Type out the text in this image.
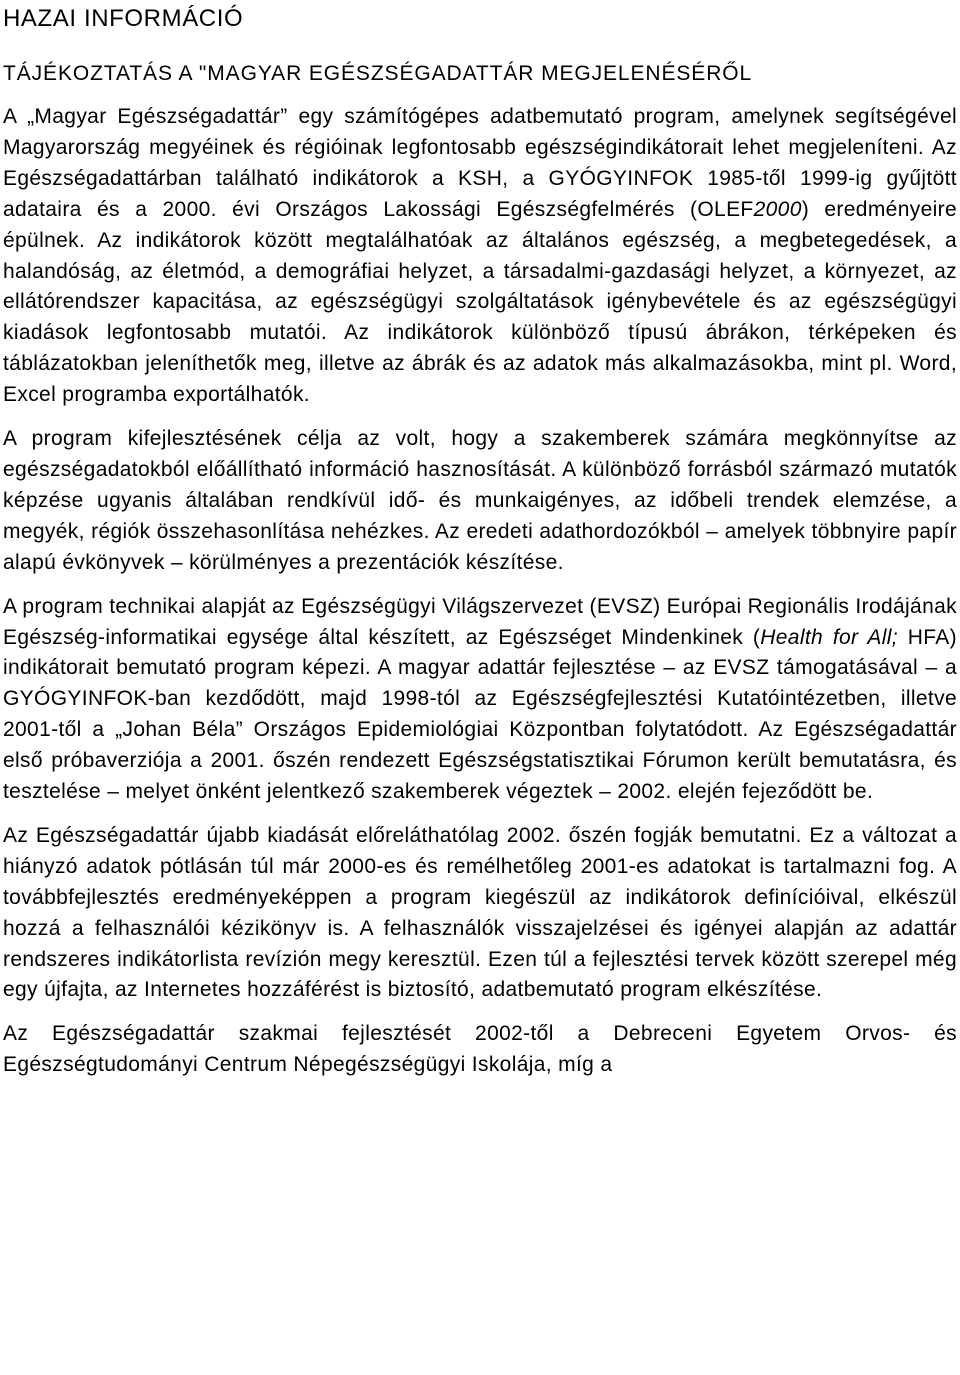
HAZAI INFORMÁCIÓ
TÁJÉKOZTATÁS A "MAGYAR EGÉSZSÉGADATTÁR MEGJELENÉSÉRŐL

A „Magyar Egészségadattár” egy számítógépes adatbemutató program, amelynek segítségével Magyarország megyéinek és régióinak legfontosabb egészségindikátorait lehet megjeleníteni. Az Egészségadattárban található indikátorok a KSH, a GYÓGYINFOK 1985-től 1999-ig gyűjtött adataira és a 2000. évi Országos Lakossági Egészségfelmérés (OLEF2000) eredményeire épülnek. Az indikátorok között megtalálhatóak az általános egészség, a megbetegedések, a halandóság, az életmód, a demográfiai helyzet, a társadalmi-gazdasági helyzet, a környezet, az ellátórendszer kapacitása, az egészségügyi szolgáltatások igénybevétele és az egészségügyi kiadások legfontosabb mutatói. Az indikátorok különböző típusú ábrákon, térképeken és táblázatokban jeleníthetők meg, illetve az ábrák és az adatok más alkalmazásokba, mint pl. Word, Excel programba exportálhatók.

A program kifejlesztésének célja az volt, hogy a szakemberek számára megkönnyítse az egészségadatokból előállítható információ hasznosítását. A különböző forrásból származó mutatók képzése ugyanis általában rendkívül idő- és munkaigényes, az időbeli trendek elemzése, a megyék, régiók összehasonlítása nehézkes. Az eredeti adathordozókból – amelyek többnyire papír alapú évkönyvek – körülményes a prezentációk készítése.

A program technikai alapját az Egészségügyi Világszervezet (EVSZ) Európai Regionális Irodájának Egészség-informatikai egysége által készített, az Egészséget Mindenkinek (Health for All; HFA) indikátorait bemutató program képezi. A magyar adattár fejlesztése – az EVSZ támogatásával – a GYÓGYINFOK-ban kezdődött, majd 1998-tól az Egészségfejlesztési Kutatóintézetben, illetve 2001-től a „Johan Béla” Országos Epidemiológiai Központban folytatódott. Az Egészségadattár első próbaverziója a 2001. őszén rendezett Egészségstatisztikai Fórumon került bemutatásra, és tesztelése – melyet önként jelentkező szakemberek végeztek – 2002. elején fejeződött be.

Az Egészségadattár újabb kiadását előreláthatólag 2002. őszén fogják bemutatni. Ez a változat a hiányzó adatok pótlásán túl már 2000-es és remélhetőleg 2001-es adatokat is tartalmazni fog. A továbbfejlesztés eredményeképpen a program kiegészül az indikátorok definícióival, elkészül hozzá a felhasználói kézikönyv is. A felhasználók visszajelzései és igényei alapján az adattár rendszeres indikátorlista revízión megy keresztül. Ezen túl a fejlesztési tervek között szerepel még egy újfajta, az Internetes hozzáférést is biztosító, adatbemutató program elkészítése.

Az Egészségadattár szakmai fejlesztését 2002-től a Debreceni Egyetem Orvos- és Egészségtudományi Centrum Népegészségügyi Iskolája, míg a
